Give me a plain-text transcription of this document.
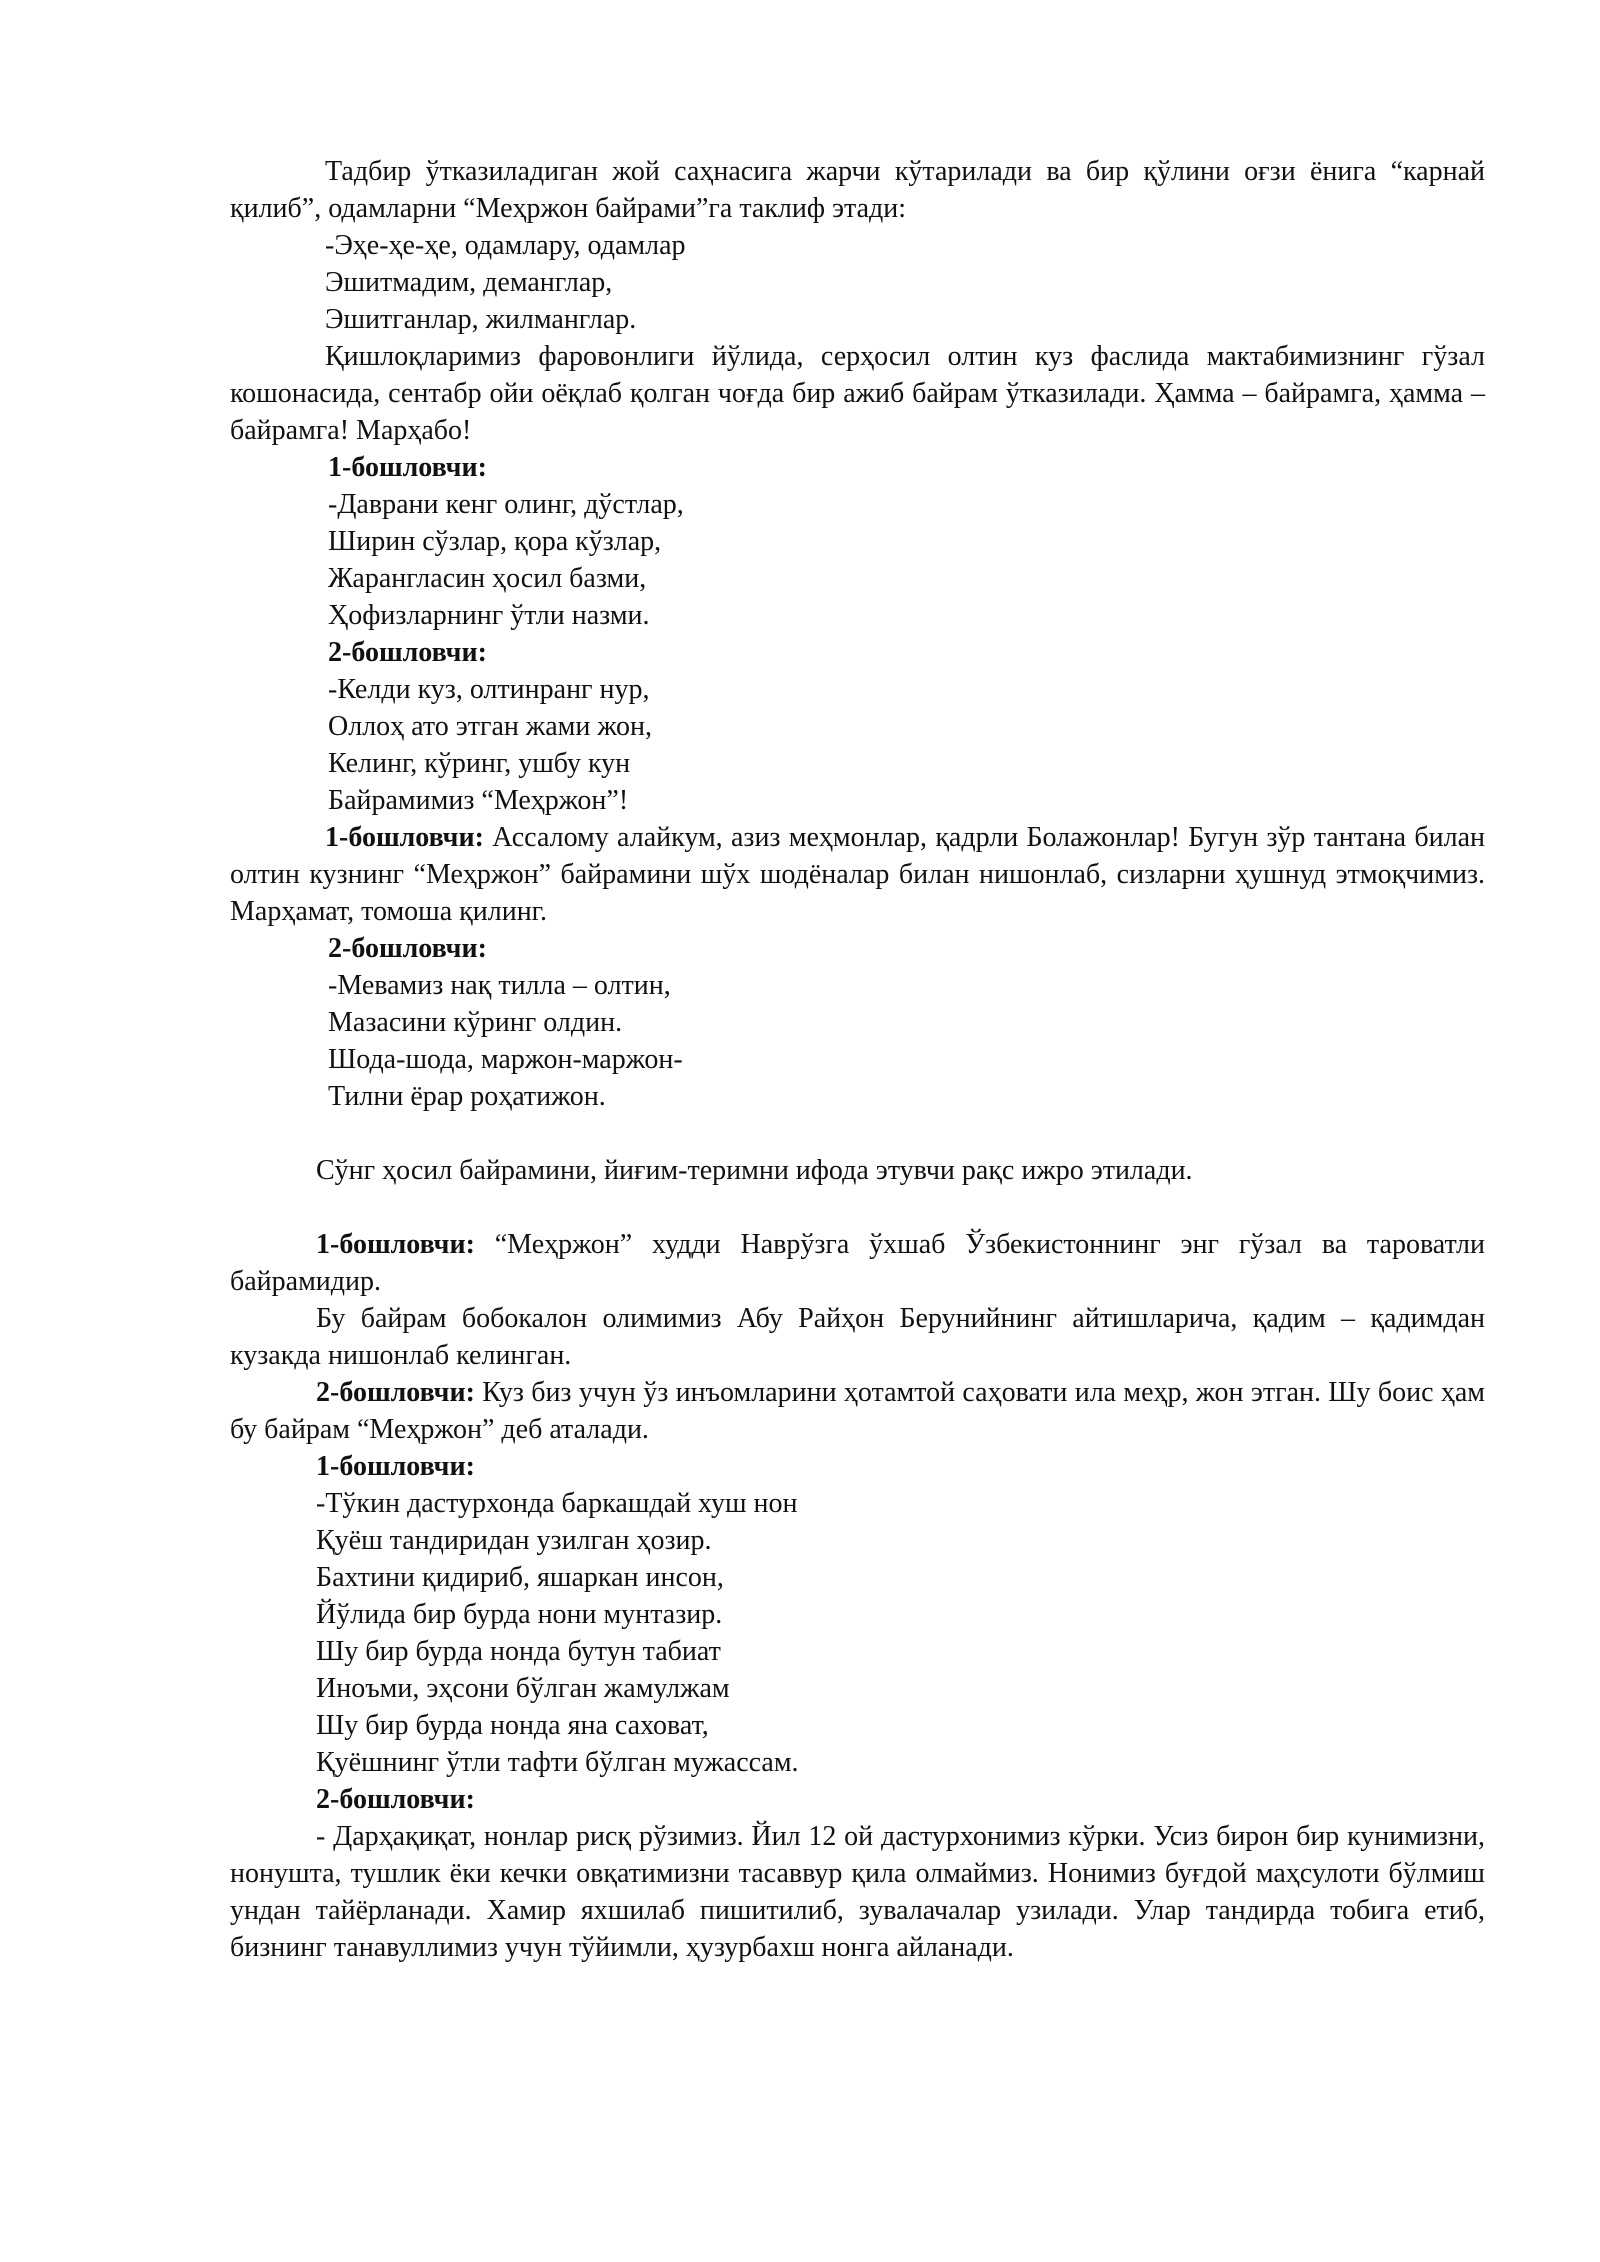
Тадбир ўтказиладиган жой саҳнасига жарчи кўтарилади ва бир қўлини оғзи ёнига “карнай қилиб”, одамларни “Меҳржон байрами”га таклиф этади:

-Эҳе-ҳе-ҳе, одамлару, одамлар

Эшитмадим, деманглар,

Эшитганлар, жилманглар.

Қишлоқларимиз фаровонлиги йўлида, серҳосил олтин куз фаслида мактабимизнинг гўзал кошонасида, сентабр ойи оёқлаб қолган чоғда бир ажиб байрам ўтказилади. Ҳамма – байрамга, ҳамма – байрамга! Марҳабо!

1-бошловчи:

-Даврани кенг олинг, дўстлар,

Ширин сўзлар, қора кўзлар,

Жарангласин ҳосил базми,

Ҳофизларнинг ўтли назми.

2-бошловчи:

-Келди куз, олтинранг нур,

Оллоҳ ато этган жами жон,

Келинг, кўринг, ушбу кун

Байрамимиз “Меҳржон”!

1-бошловчи: Ассалому алайкум, азиз меҳмонлар, қадрли Болажонлар! Бугун зўр тантана билан олтин кузнинг “Меҳржон” байрамини шўх шодёналар билан нишонлаб, сизларни ҳушнуд этмоқчимиз. Марҳамат, томоша қилинг.

2-бошловчи:

-Мевамиз нақ тилла – олтин,

Мазасини кўринг олдин.

Шода-шода, маржон-маржон-

Тилни ёрар роҳатижон.

Сўнг ҳосил байрамини, йиғим-теримни ифода этувчи рақс ижро этилади.

1-бошловчи: “Меҳржон” худди Наврўзга ўхшаб Ўзбекистоннинг энг гўзал ва тароватли байрамидир.

Бу байрам бобокалон олимимиз Абу Райҳон Берунийнинг айтишларича, қадим – қадимдан кузакда нишонлаб келинган.

2-бошловчи: Куз биз учун ўз инъомларини ҳотамтой саҳовати ила меҳр, жон этган. Шу боис ҳам бу байрам “Меҳржон” деб аталади.

1-бошловчи:

-Тўкин дастурхонда баркашдай хуш нон

Қуёш тандиридан узилган ҳозир.

Бахтини қидириб, яшаркан инсон,

Йўлида бир бурда нони мунтазир.

Шу бир бурда нонда бутун табиат

Инoъми, эҳсони бўлган жамулжам

Шу бир бурда нонда яна саховат,

Қуёшнинг ўтли тафти бўлган мужассам.

2-бошловчи:

- Дарҳақиқат, нонлар рисқ рўзимиз. Йил 12 ой дастурхонимиз кўрки. Усиз бирон бир кунимизни, нонушта, тушлик ёки кечки овқатимизни тасаввур қила олмаймиз. Нонимиз буғдой маҳсулоти бўлмиш ундан тайёрланади. Хамир яхшилаб пишитилиб, зувалачалар узилади. Улар тандирда тобига етиб, бизнинг танавуллимиз учун тўйимли, ҳузурбахш нонга айланади.
